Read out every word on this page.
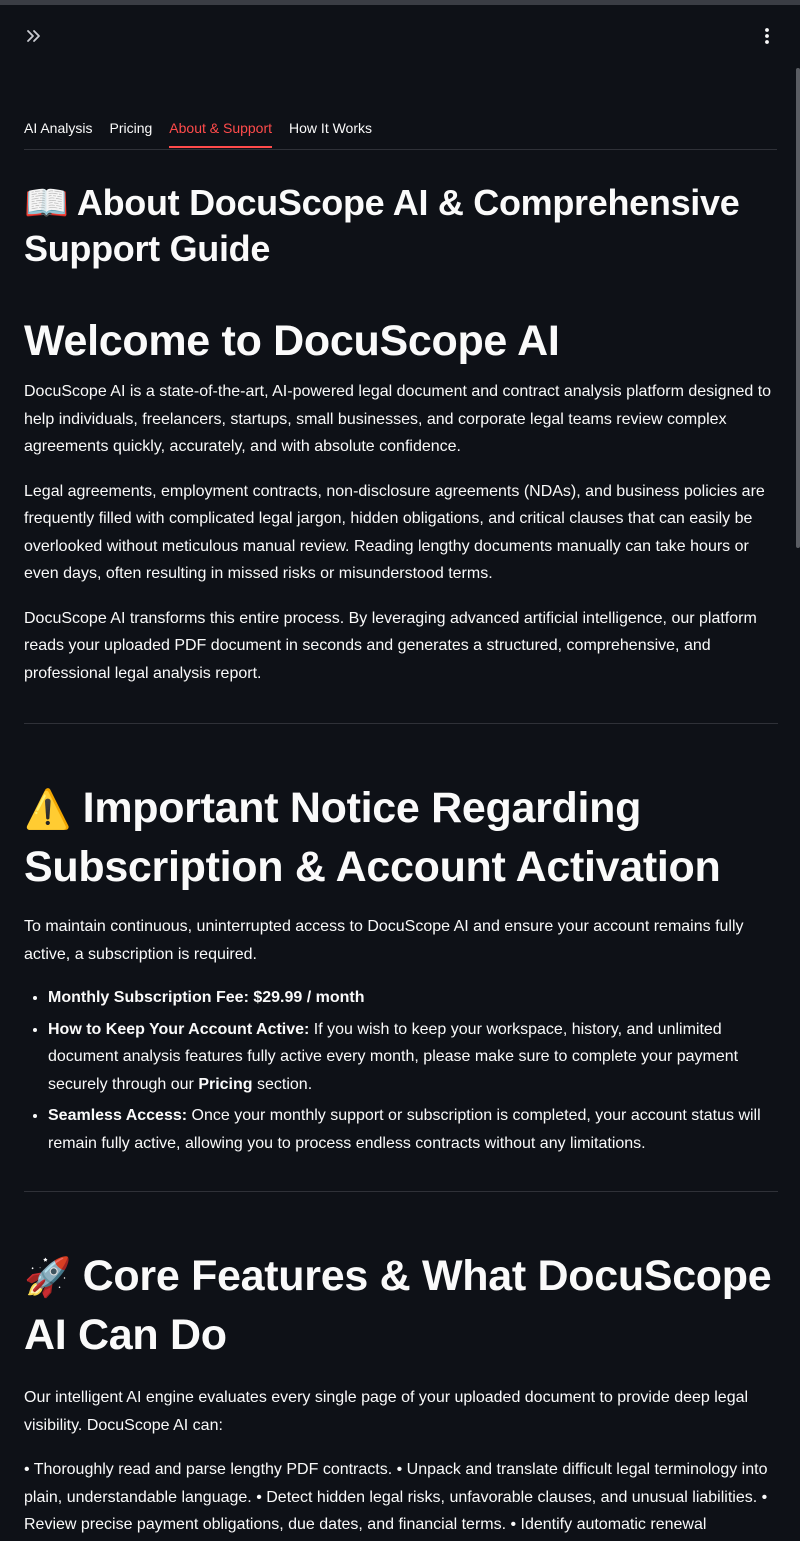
AI Analysis Pricing About & Support How It Works
📖 About DocuScope AI & Comprehensive Support Guide
Welcome to DocuScope AI

DocuScope AI is a state-of-the-art, AI-powered legal document and contract analysis platform designed to help individuals, freelancers, startups, small businesses, and corporate legal teams review complex agreements quickly, accurately, and with absolute confidence.

Legal agreements, employment contracts, non-disclosure agreements (NDAs), and business policies are frequently filled with complicated legal jargon, hidden obligations, and critical clauses that can easily be overlooked without meticulous manual review. Reading lengthy documents manually can take hours or even days, often resulting in missed risks or misunderstood terms.

DocuScope AI transforms this entire process. By leveraging advanced artificial intelligence, our platform reads your uploaded PDF document in seconds and generates a structured, comprehensive, and professional legal analysis report.

⚠️ Important Notice Regarding Subscription & Account Activation

To maintain continuous, uninterrupted access to DocuScope AI and ensure your account remains fully active, a subscription is required.

• Monthly Subscription Fee: $29.99 / month
• How to Keep Your Account Active: If you wish to keep your workspace, history, and unlimited document analysis features fully active every month, please make sure to complete your payment securely through our Pricing section.
• Seamless Access: Once your monthly support or subscription is completed, your account status will remain fully active, allowing you to process endless contracts without any limitations.
🚀 Core Features & What DocuScope AI Can Do

Our intelligent AI engine evaluates every single page of your uploaded document to provide deep legal visibility. DocuScope AI can:

• Thoroughly read and parse lengthy PDF contracts. • Unpack and translate difficult legal terminology into plain, understandable language. • Detect hidden legal risks, unfavorable clauses, and unusual liabilities. • Review precise payment obligations, due dates, and financial terms. • Identify automatic renewal
